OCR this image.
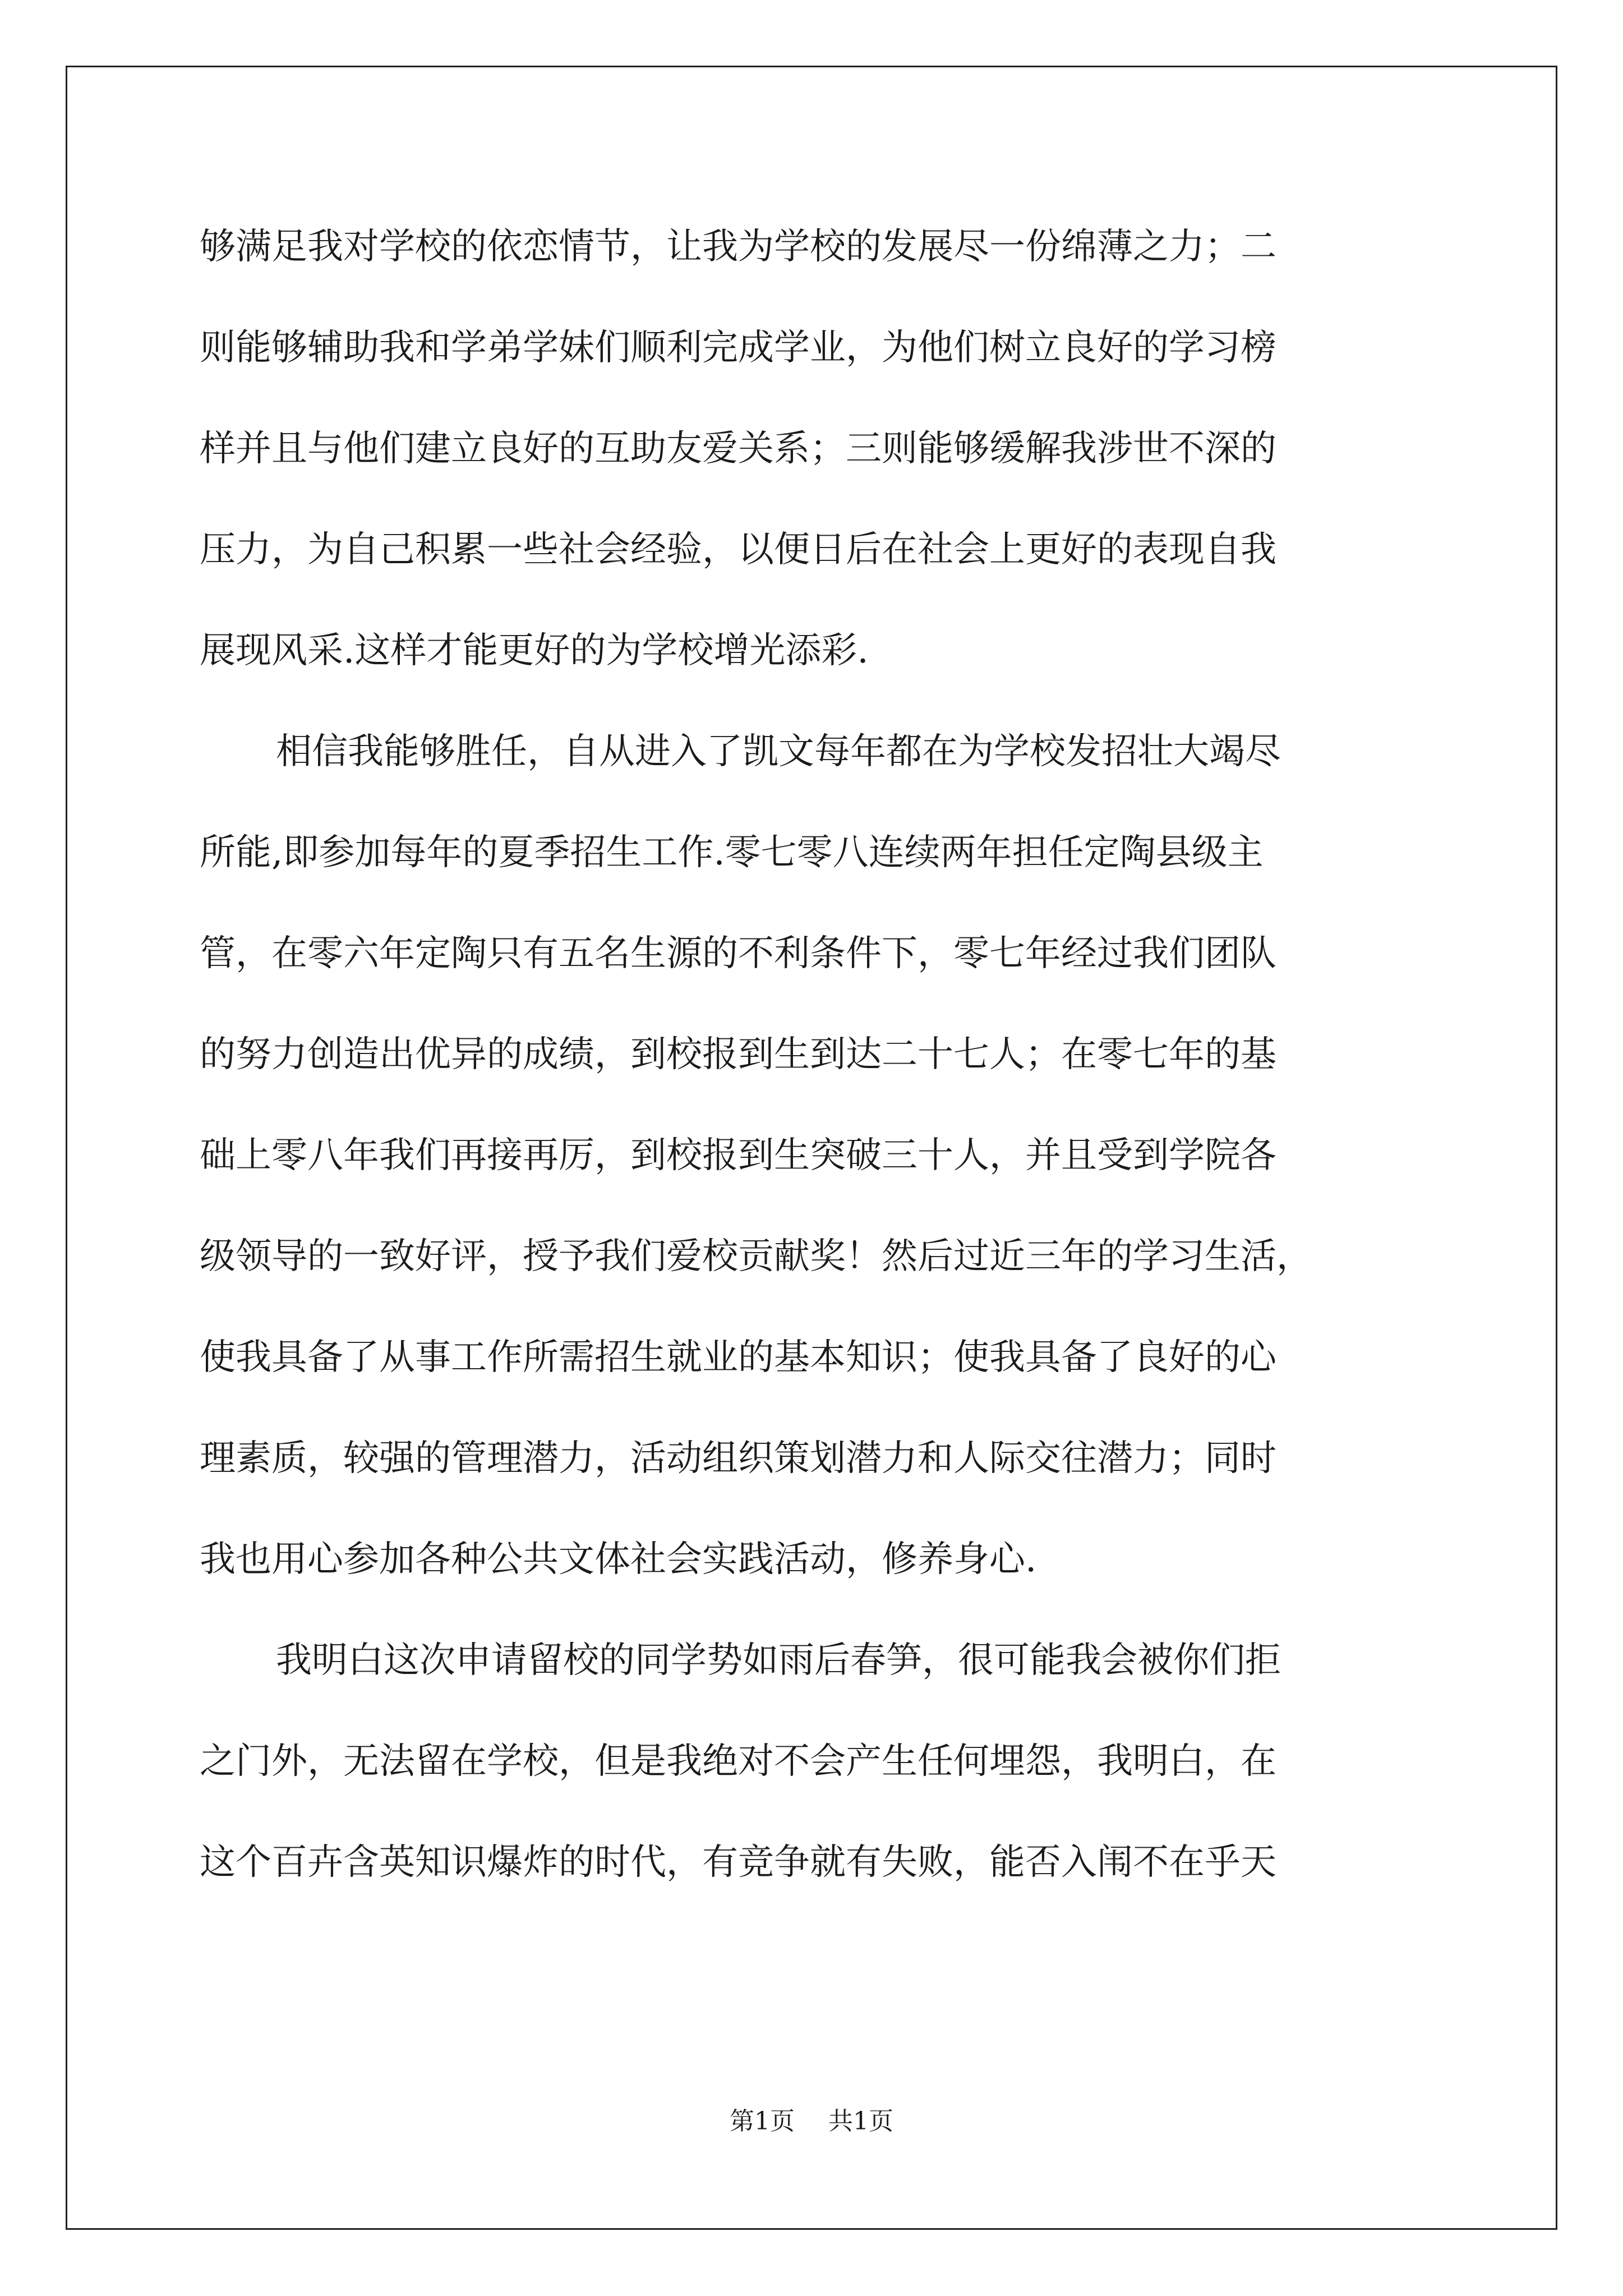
够满足我对学校的依恋情节，让我为学校的发展尽一份绵薄之力；二
则能够辅助我和学弟学妹们顺利完成学业，为他们树立良好的学习榜
样并且与他们建立良好的互助友爱关系；三则能够缓解我涉世不深的
压力，为自己积累一些社会经验，以便日后在社会上更好的表现自我
展现风采.这样才能更好的为学校增光添彩.
相信我能够胜任，自从进入了凯文每年都在为学校发招壮大竭尽
所能,即参加每年的夏季招生工作.零七零八连续两年担任定陶县级主
管，在零六年定陶只有五名生源的不利条件下，零七年经过我们团队
的努力创造出优异的成绩，到校报到生到达二十七人；在零七年的基
础上零八年我们再接再厉，到校报到生突破三十人，并且受到学院各
级领导的一致好评，授予我们爱校贡献奖！然后过近三年的学习生活，
使我具备了从事工作所需招生就业的基本知识；使我具备了良好的心
理素质，较强的管理潜力，活动组织策划潜力和人际交往潜力；同时
我也用心参加各种公共文体社会实践活动，修养身心.
我明白这次申请留校的同学势如雨后春笋，很可能我会被你们拒
之门外，无法留在学校，但是我绝对不会产生任何埋怨，我明白，在
这个百卉含英知识爆炸的时代，有竞争就有失败，能否入闱不在乎天
第1页 共1页
